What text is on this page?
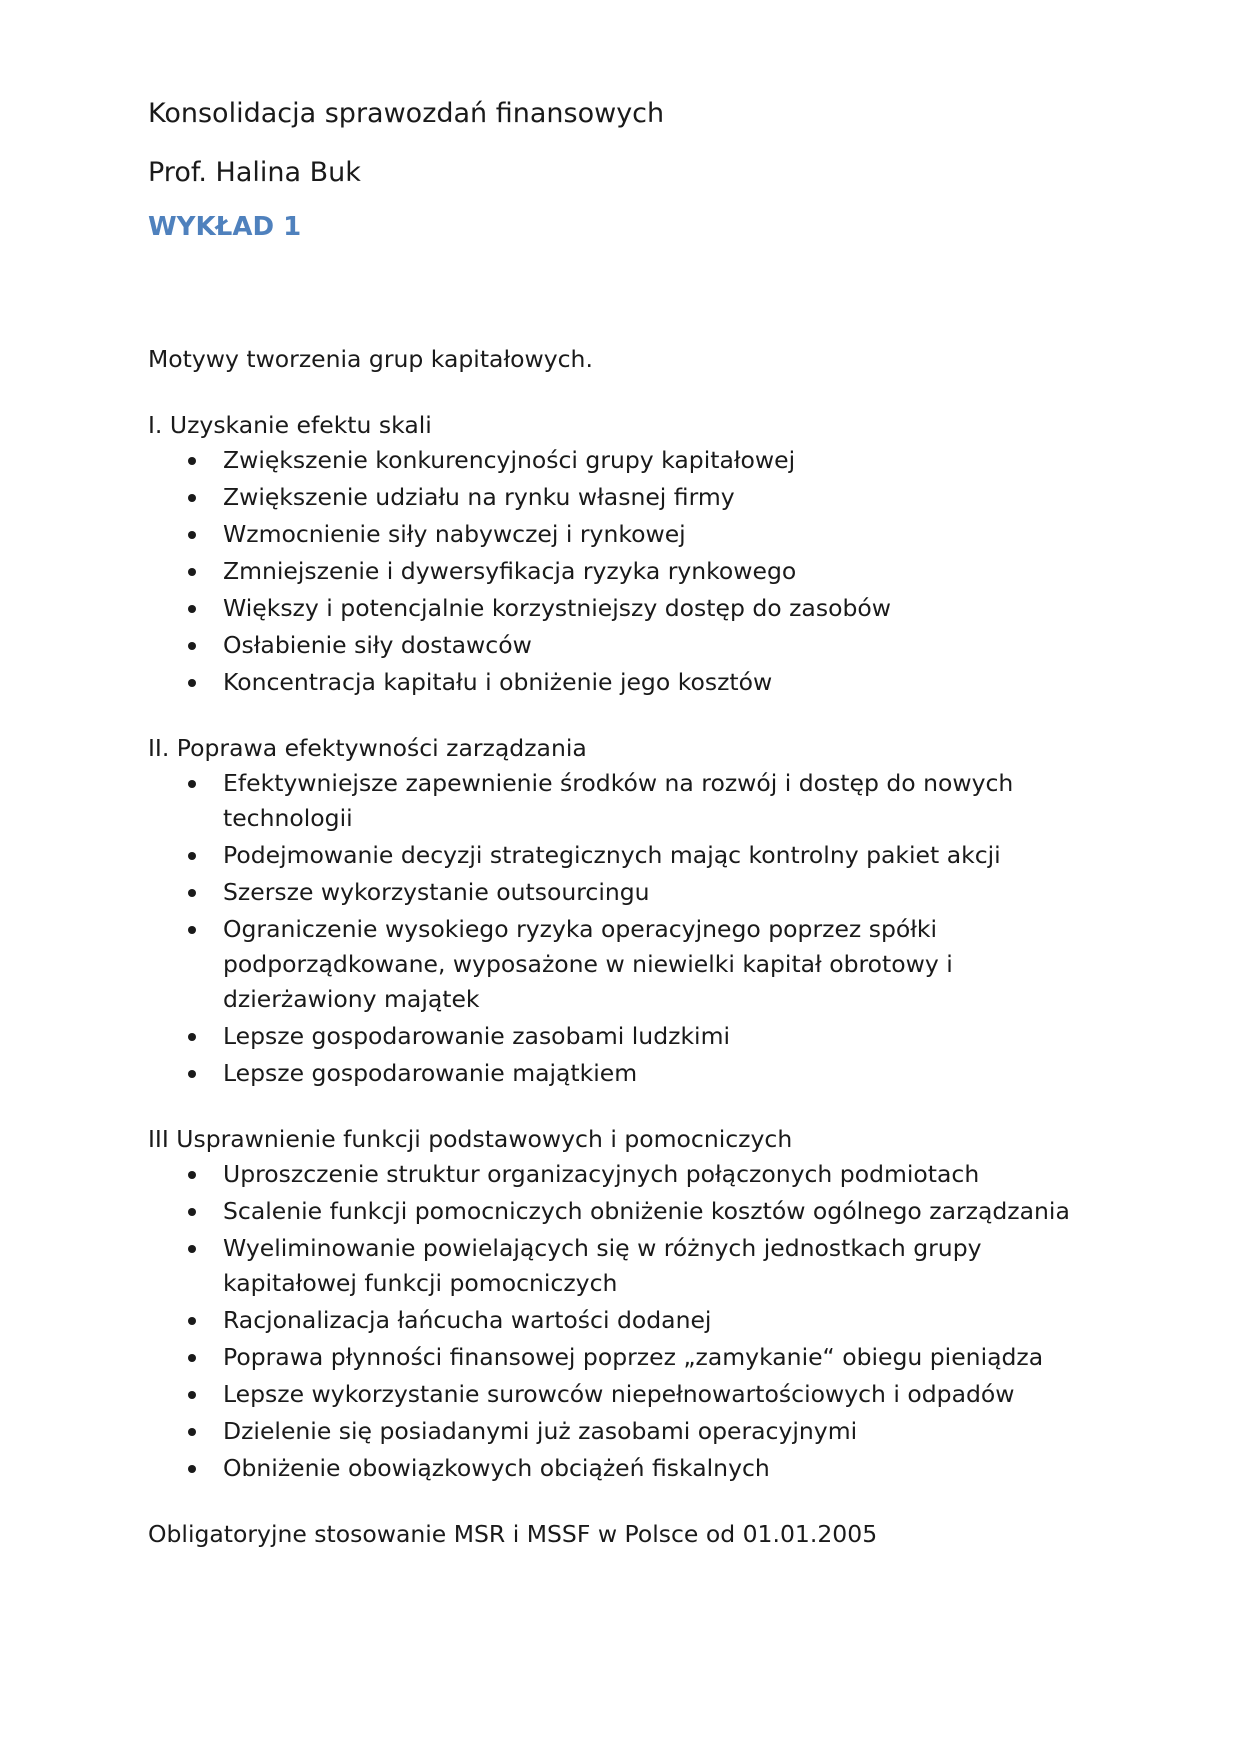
Konsolidacja sprawozdań finansowych
Prof. Halina Buk
WYKŁAD 1

Motywy tworzenia grup kapitałowych.

I. Uzyskanie efektu skali

Zwiększenie konkurencyjności grupy kapitałowej
Zwiększenie udziału na rynku własnej firmy
Wzmocnienie siły nabywczej i rynkowej
Zmniejszenie i dywersyfikacja ryzyka rynkowego
Większy i potencjalnie korzystniejszy dostęp do zasobów
Osłabienie siły dostawców
Koncentracja kapitału i obniżenie jego kosztów

II. Poprawa efektywności zarządzania

Efektywniejsze zapewnienie środków na rozwój i dostęp do nowych technologii
Podejmowanie decyzji strategicznych mając kontrolny pakiet akcji
Szersze wykorzystanie outsourcingu
Ograniczenie wysokiego ryzyka operacyjnego poprzez spółki podporządkowane, wyposażone w niewielki kapitał obrotowy i dzierżawiony majątek
Lepsze gospodarowanie zasobami ludzkimi
Lepsze gospodarowanie majątkiem

III Usprawnienie funkcji podstawowych i pomocniczych

Uproszczenie struktur organizacyjnych połączonych podmiotach
Scalenie funkcji pomocniczych obniżenie kosztów ogólnego zarządzania
Wyeliminowanie powielających się w różnych jednostkach grupy kapitałowej funkcji pomocniczych
Racjonalizacja łańcucha wartości dodanej
Poprawa płynności finansowej poprzez „zamykanie“ obiegu pieniądza
Lepsze wykorzystanie surowców niepełnowartościowych i odpadów
Dzielenie się posiadanymi już zasobami operacyjnymi
Obniżenie obowiązkowych obciążeń fiskalnych

Obligatoryjne stosowanie MSR i MSSF w Polsce od 01.01.2005
